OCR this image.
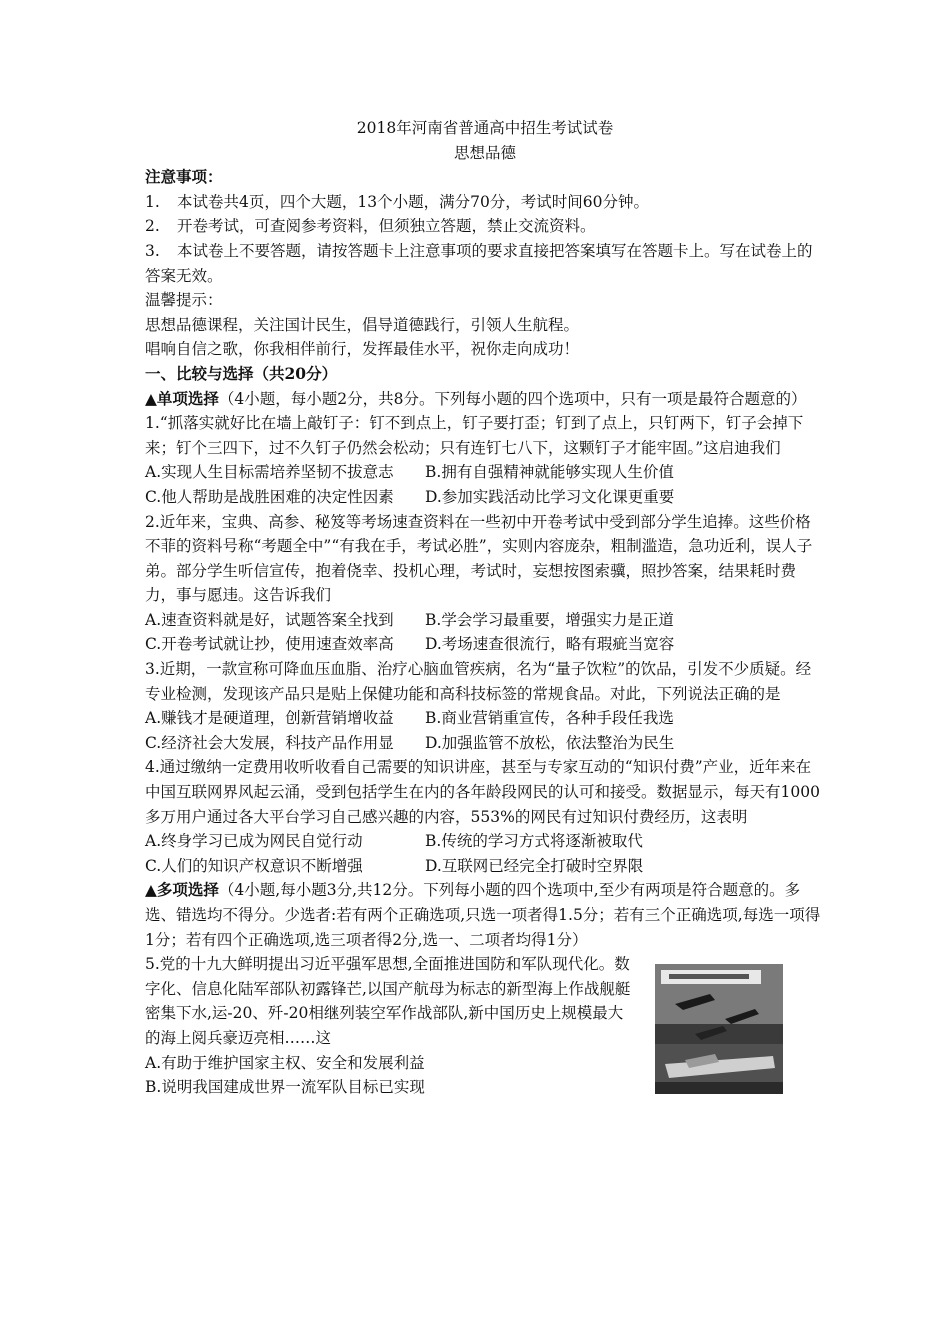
2018年河南省普通高中招生考试试卷
思想品德
注意事项：
1. 本试卷共4页，四个大题，13个小题，满分70分，考试时间60分钟。
2. 开卷考试，可查阅参考资料，但须独立答题，禁止交流资料。
3. 本试卷上不要答题，请按答题卡上注意事项的要求直接把答案填写在答题卡上。写在试卷上的答案无效。
温馨提示：
思想品德课程，关注国计民生，倡导道德践行，引领人生航程。
唱响自信之歌，你我相伴前行，发挥最佳水平，祝你走向成功！
一、比较与选择（共20分）
▲单项选择（4小题，每小题2分，共8分。下列每小题的四个选项中，只有一项是最符合题意的）
1.“抓落实就好比在墙上敲钉子：钉不到点上，钉子要打歪；钉到了点上，只钉两下，钉子会掉下来；钉个三四下，过不久钉子仍然会松动；只有连钉七八下，这颗钉子才能牢固。”这启迪我们
A.实现人生目标需培养坚韧不拔意志	B.拥有自强精神就能够实现人生价值
C.他人帮助是战胜困难的决定性因素	D.参加实践活动比学习文化课更重要
2.近年来，宝典、高参、秘笈等考场速查资料在一些初中开卷考试中受到部分学生追捧。这些价格不菲的资料号称“考题全中”“有我在手，考试必胜”，实则内容庞杂，粗制滥造，急功近利，误人子弟。部分学生听信宣传，抱着侥幸、投机心理，考试时，妄想按图索骥，照抄答案，结果耗时费力，事与愿违。这告诉我们
A.速查资料就是好，试题答案全找到	B.学会学习最重要，增强实力是正道
C.开卷考试就让抄，使用速查效率高	D.考场速查很流行，略有瑕疵当宽容
3.近期，一款宣称可降血压血脂、治疗心脑血管疾病，名为“量子饮粒”的饮品，引发不少质疑。经专业检测，发现该产品只是贴上保健功能和高科技标签的常规食品。对此，下列说法正确的是
A.赚钱才是硬道理，创新营销增收益	B.商业营销重宣传，各种手段任我选
C.经济社会大发展，科技产品作用显	D.加强监管不放松，依法整治为民生
4.通过缴纳一定费用收听收看自己需要的知识讲座，甚至与专家互动的“知识付费”产业，近年来在中国互联网界风起云涌，受到包括学生在内的各年龄段网民的认可和接受。数据显示，每天有1000多万用户通过各大平台学习自己感兴趣的内容，553%的网民有过知识付费经历，这表明
A.终身学习已成为网民自觉行动	B.传统的学习方式将逐渐被取代
C.人们的知识产权意识不断增强	D.互联网已经完全打破时空界限
▲多项选择（4小题,每小题3分,共12分。下列每小题的四个选项中,至少有两项是符合题意的。多选、错选均不得分。少选者:若有两个正确选项,只选一项者得1.5分；若有三个正确选项,每选一项得1分；若有四个正确选项,选三项者得2分,选一、二项者均得1分）
5.党的十九大鲜明提出习近平强军思想,全面推进国防和军队现代化。数字化、信息化陆军部队初露锋芒,以国产航母为标志的新型海上作战舰艇密集下水,运-20、歼-20相继列装空军作战部队,新中国历史上规模最大的海上阅兵豪迈亮相……这
A.有助于维护国家主权、安全和发展利益
B.说明我国建成世界一流军队目标已实现
